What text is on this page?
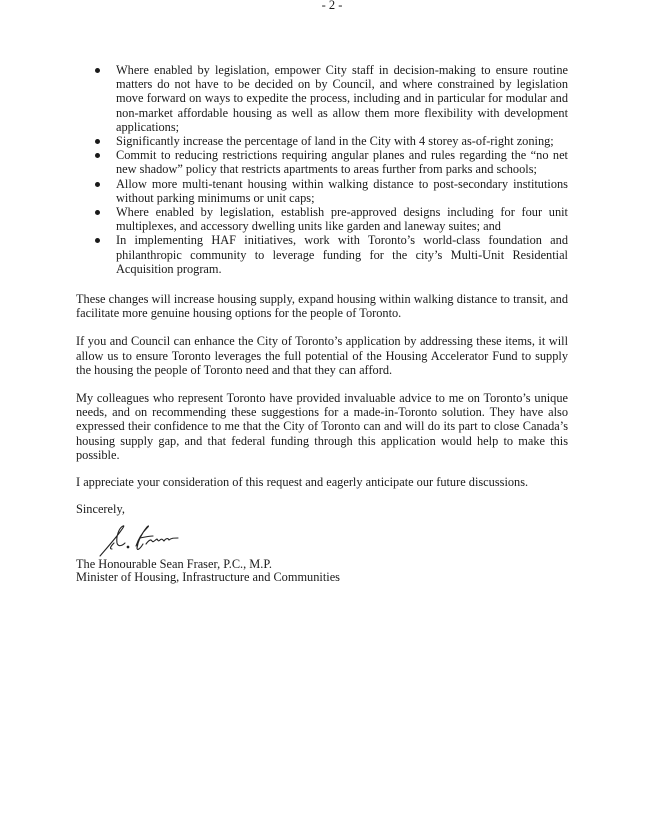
- 2 -
Where enabled by legislation, empower City staff in decision-making to ensure routine matters do not have to be decided on by Council, and where constrained by legislation move forward on ways to expedite the process, including and in particular for modular and non-market affordable housing as well as allow them more flexibility with development applications;
Significantly increase the percentage of land in the City with 4 storey as-of-right zoning;
Commit to reducing restrictions requiring angular planes and rules regarding the “no net new shadow” policy that restricts apartments to areas further from parks and schools;
Allow more multi-tenant housing within walking distance to post-secondary institutions without parking minimums or unit caps;
Where enabled by legislation, establish pre-approved designs including for four unit multiplexes, and accessory dwelling units like garden and laneway suites; and
In implementing HAF initiatives, work with Toronto’s world-class foundation and philanthropic community to leverage funding for the city’s Multi-Unit Residential Acquisition program.

These changes will increase housing supply, expand housing within walking distance to transit, and facilitate more genuine housing options for the people of Toronto.

If you and Council can enhance the City of Toronto’s application by addressing these items, it will allow us to ensure Toronto leverages the full potential of the Housing Accelerator Fund to supply the housing the people of Toronto need and that they can afford.

My colleagues who represent Toronto have provided invaluable advice to me on Toronto’s unique needs, and on recommending these suggestions for a made-in-Toronto solution. They have also expressed their confidence to me that the City of Toronto can and will do its part to close Canada’s housing supply gap, and that federal funding through this application would help to make this possible.

I appreciate your consideration of this request and eagerly anticipate our future discussions.

Sincerely,

The Honourable Sean Fraser, P.C., M.P.
Minister of Housing, Infrastructure and Communities
